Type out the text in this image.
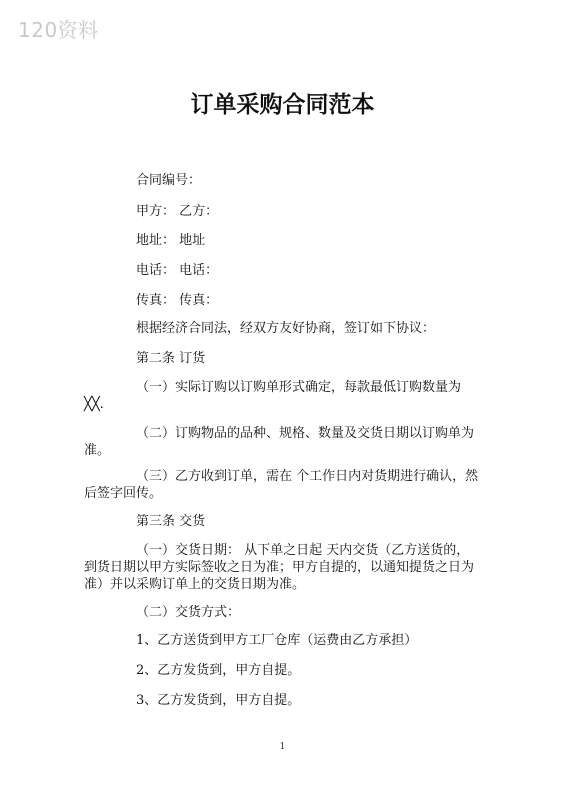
120资料
订单采购合同范本
合同编号：
甲方： 乙方：
地址： 地址
电话： 电话：
传真： 传真：
根据经济合同法，经双方友好协商，签订如下协议：
第二条 订货
（一）实际订购以订购单形式确定，每款最低订购数量为╳╳.
（二）订购物品的品种、规格、数量及交货日期以订购单为准。
（三）乙方收到订单，需在 个工作日内对货期进行确认，然后签字回传。
第三条 交货
（一）交货日期： 从下单之日起 天内交货（乙方送货的，到货日期以甲方实际签收之日为准；甲方自提的，以通知提货之日为准）并以采购订单上的交货日期为准。
（二）交货方式：
1、乙方送货到甲方工厂仓库（运费由乙方承担）
2、乙方发货到，甲方自提。
3、乙方发货到，甲方自提。
1
